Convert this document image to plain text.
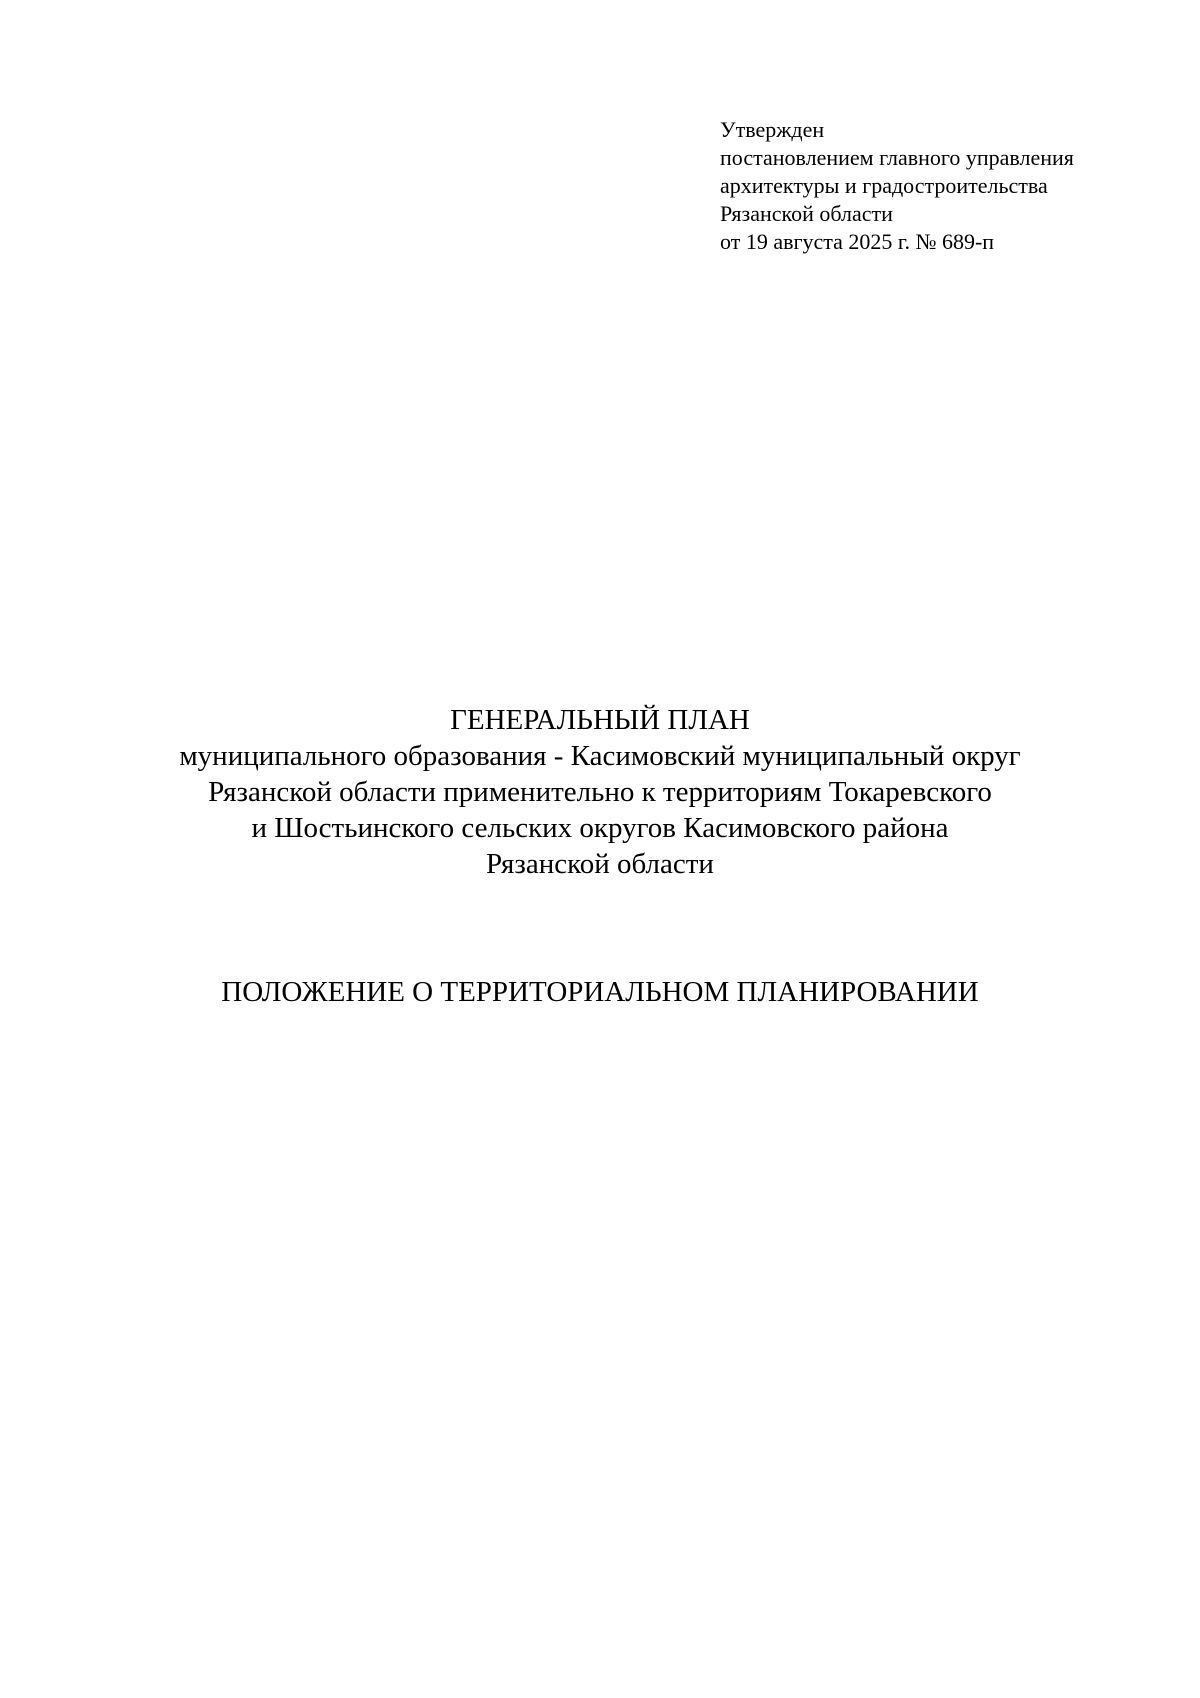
Утвержден
постановлением главного управления
архитектуры и градостроительства
Рязанской области
от 19 августа 2025 г. № 689-п
ГЕНЕРАЛЬНЫЙ ПЛАН
муниципального образования - Касимовский муниципальный округ
Рязанской области применительно к территориям Токаревского
и Шостьинского сельских округов Касимовского района
Рязанской области
ПОЛОЖЕНИЕ О ТЕРРИТОРИАЛЬНОМ ПЛАНИРОВАНИИ
